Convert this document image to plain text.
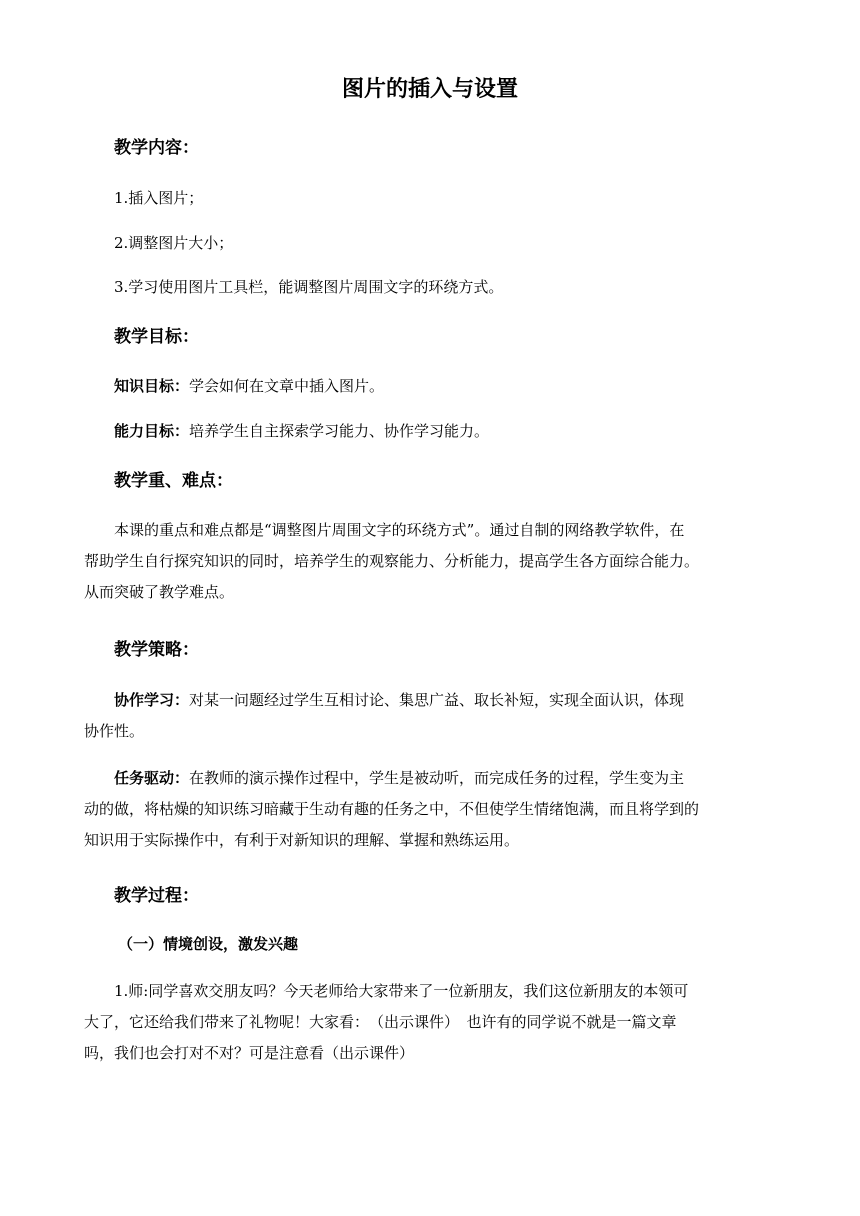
图片的插入与设置
教学内容：
1.插入图片；
2.调整图片大小；
3.学习使用图片工具栏，能调整图片周围文字的环绕方式。
教学目标：
知识目标：学会如何在文章中插入图片。
能力目标：培养学生自主探索学习能力、协作学习能力。
教学重、难点：
本课的重点和难点都是“调整图片周围文字的环绕方式”。通过自制的网络教学软件，在
帮助学生自行探究知识的同时，培养学生的观察能力、分析能力，提高学生各方面综合能力。
从而突破了教学难点。
教学策略：
协作学习：对某一问题经过学生互相讨论、集思广益、取长补短，实现全面认识，体现
协作性。
任务驱动：在教师的演示操作过程中，学生是被动听，而完成任务的过程，学生变为主
动的做，将枯燥的知识练习暗藏于生动有趣的任务之中，不但使学生情绪饱满，而且将学到的
知识用于实际操作中，有利于对新知识的理解、掌握和熟练运用。
教学过程：
（一）情境创设，激发兴趣
1.师:同学喜欢交朋友吗？今天老师给大家带来了一位新朋友，我们这位新朋友的本领可
大了，它还给我们带来了礼物呢！大家看：　（出示课件）　也许有的同学说不就是一篇文章
吗，我们也会打对不对？可是注意看（出示课件）
